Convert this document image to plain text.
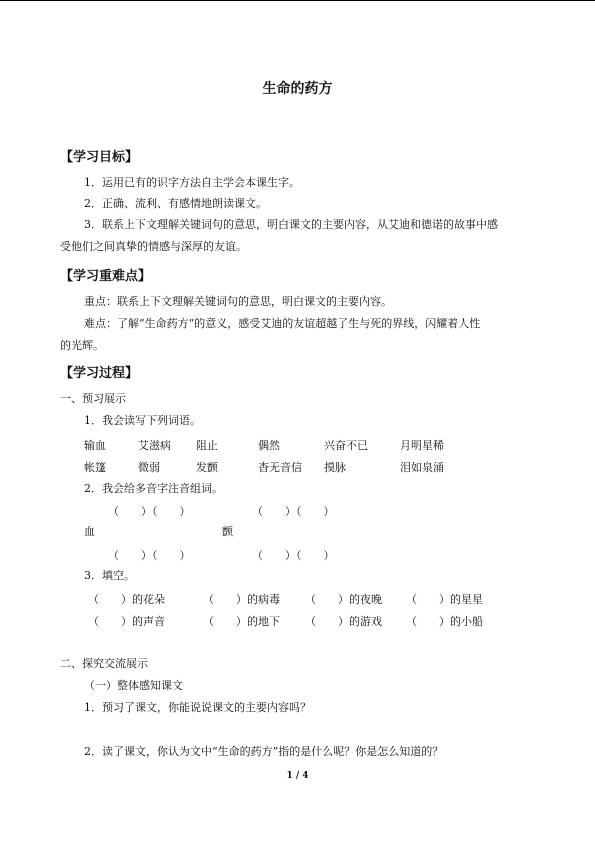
生命的药方
【学习目标】
1．运用已有的识字方法自主学会本课生字。
2．正确、流利、有感情地朗读课文。
3．联系上下文理解关键词句的意思，明白课文的主要内容，从艾迪和德诺的故事中感
受他们之间真挚的情感与深厚的友谊。
【学习重难点】
重点：联系上下文理解关键词句的意思，明白课文的主要内容。
难点：了解“生命药方”的意义，感受艾迪的友谊超越了生与死的界线，闪耀着人性
的光辉。
【学习过程】
一、预习展示
1．我会读写下列词语。
输血	艾滋病 阻止	偶然	兴奋不已	月明星稀
帐篷	微弱	发颤	杳无音信 摸脉	泪如泉涌
2．我会给多音字注音组词。
（　　）（　　）	（　　）（　　）
血	颤
（　　）（　　）	（　　）（　　）
3．填空。
（　　）的花朵	（　　）的病毒 （　　）的夜晚 （　　）的星星
（　　）的声音	（　　）的地下 （　　）的游戏 （　　）的小船
二、探究交流展示
（一）整体感知课文
1．预习了课文，你能说说课文的主要内容吗？
2．读了课文，你认为文中“生命的药方”指的是什么呢？你是怎么知道的？
1 / 4
